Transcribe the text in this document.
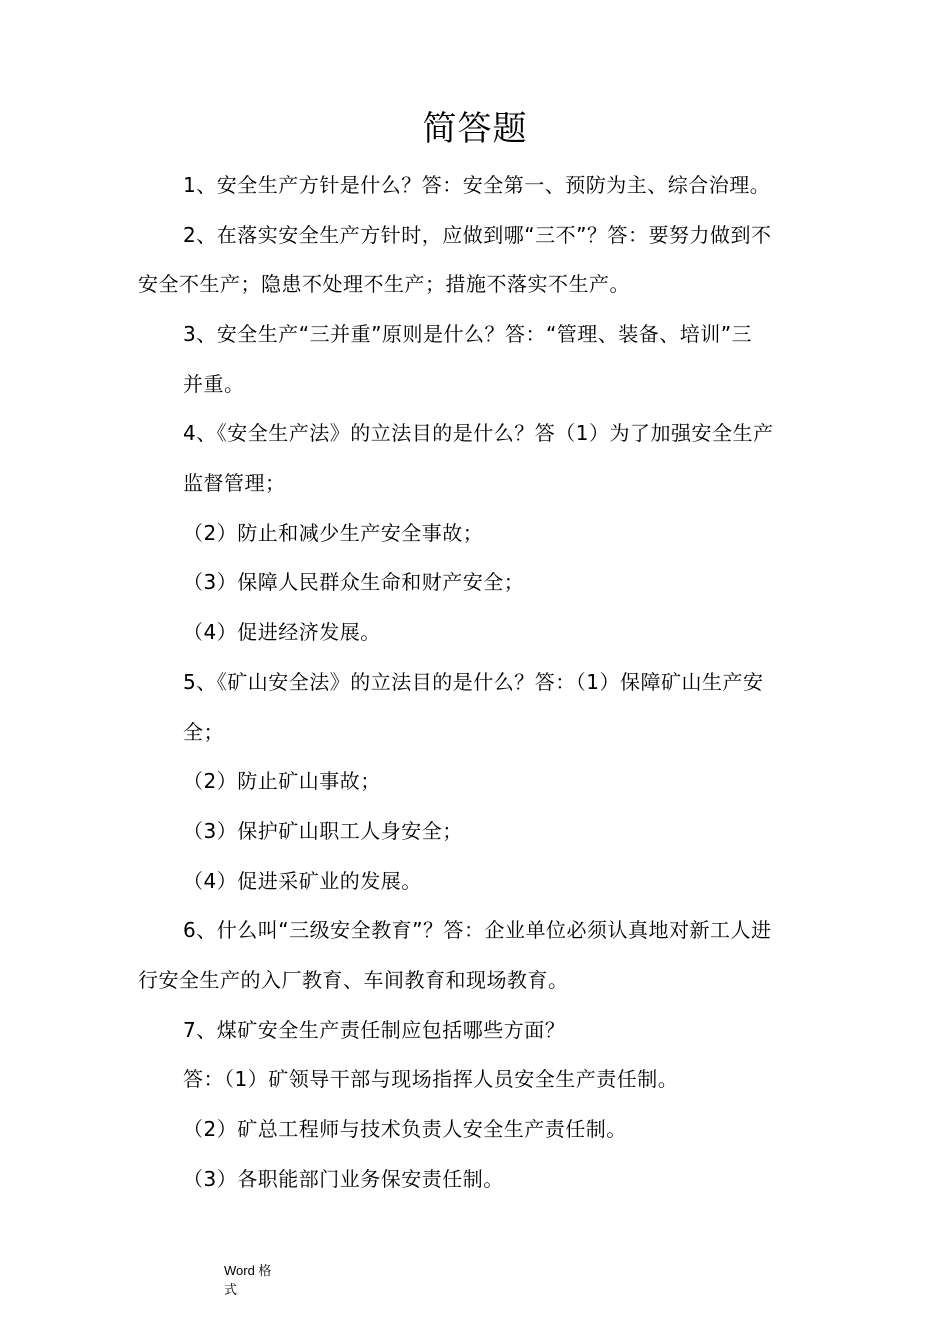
简答题
1、安全生产方针是什么？答：安全第一、预防为主、综合治理。
2、在落实安全生产方针时，应做到哪“三不”？答：要努力做到不
安全不生产；隐患不处理不生产；措施不落实不生产。
3、安全生产“三并重”原则是什么？答：“管理、装备、培训”三
并重。
4、《安全生产法》的立法目的是什么？答（1）为了加强安全生产
监督管理；
（2）防止和减少生产安全事故；
（3）保障人民群众生命和财产安全；
（4）促进经济发展。
5、《矿山安全法》的立法目的是什么？答：（1）保障矿山生产安
全；
（2）防止矿山事故；
（3）保护矿山职工人身安全；
（4）促进采矿业的发展。
6、什么叫“三级安全教育”？答：企业单位必须认真地对新工人进
行安全生产的入厂教育、车间教育和现场教育。
7、煤矿安全生产责任制应包括哪些方面？
答：（1）矿领导干部与现场指挥人员安全生产责任制。
（2）矿总工程师与技术负责人安全生产责任制。
（3）各职能部门业务保安责任制。
Word 格
式
